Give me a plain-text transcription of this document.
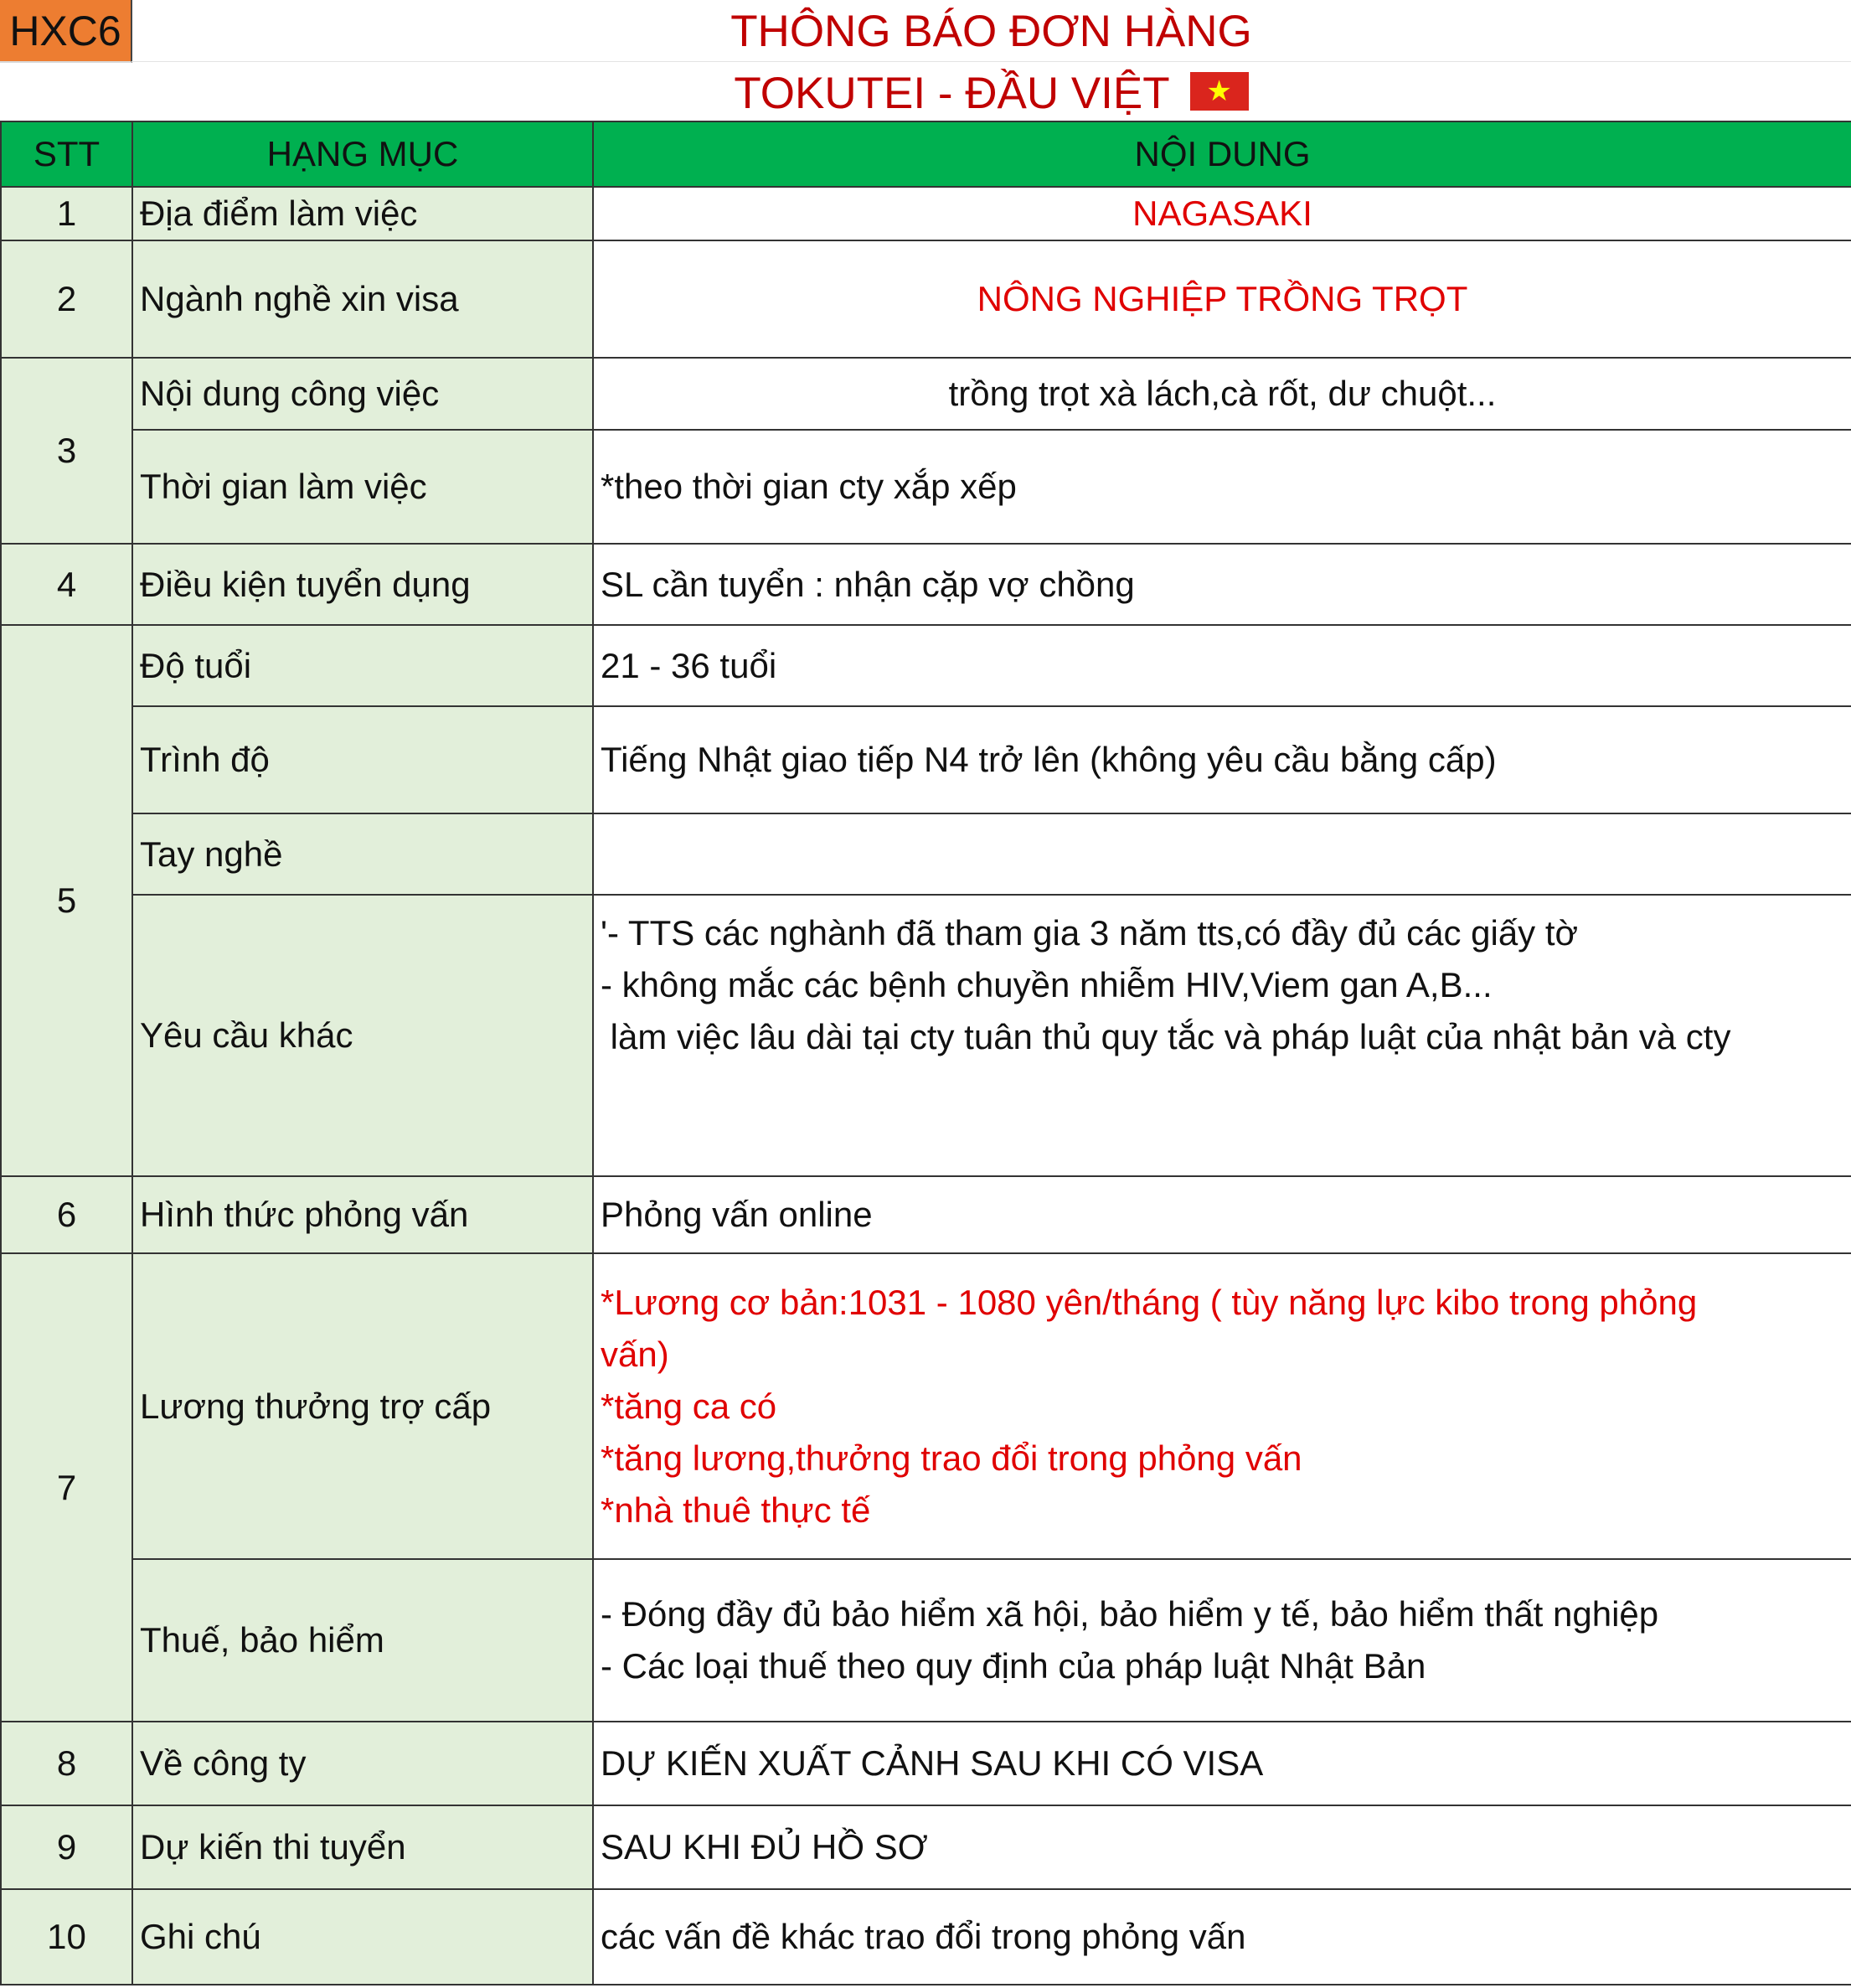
HXC6	THÔNG BÁO ĐƠN HÀNG
TOKUTEI - ĐẦU VIỆT	★
STT	HẠNG MỤC	NỘI DUNG
1	Địa điểm làm việc	NAGASAKI
2	Ngành nghề xin visa	NÔNG NGHIỆP TRỒNG TRỌT
3	Nội dung công việc	trồng trọt xà lách,cà rốt, dư chuột...
	Thời gian làm việc	*theo thời gian cty xắp xếp
4	Điều kiện tuyển dụng	SL cần tuyển : nhận cặp vợ chồng
5	Độ tuổi	21 - 36 tuổi
	Trình độ	Tiếng Nhật giao tiếp N4 trở lên (không yêu cầu bằng cấp)
	Tay nghề	
	Yêu cầu khác	'- TTS các nghành đã tham gia 3 năm tts,có đầy đủ các giấy tờ
- không mắc các bệnh chuyền nhiễm HIV,Viem gan A,B...
làm việc lâu dài tại cty tuân thủ quy tắc và pháp luật của nhật bản và cty

6	Hình thức phỏng vấn	Phỏng vấn online
7	Lương thưởng trợ cấp	*Lương cơ bản:1031 - 1080 yên/tháng ( tùy năng lực kibo trong phỏng
vấn)
*tăng ca có
*tăng lương,thưởng trao đổi trong phỏng vấn
*nhà thuê thực tế

	Thuế, bảo hiểm	- Đóng đầy đủ bảo hiểm xã hội, bảo hiểm y tế, bảo hiểm thất nghiệp
- Các loại thuế theo quy định của pháp luật Nhật Bản

8	Về công ty	DỰ KIẾN XUẤT CẢNH SAU KHI CÓ VISA
9	Dự kiến thi tuyển	SAU KHI ĐỦ HỒ SƠ
10	Ghi chú	các vấn đề khác trao đổi trong phỏng vấn
